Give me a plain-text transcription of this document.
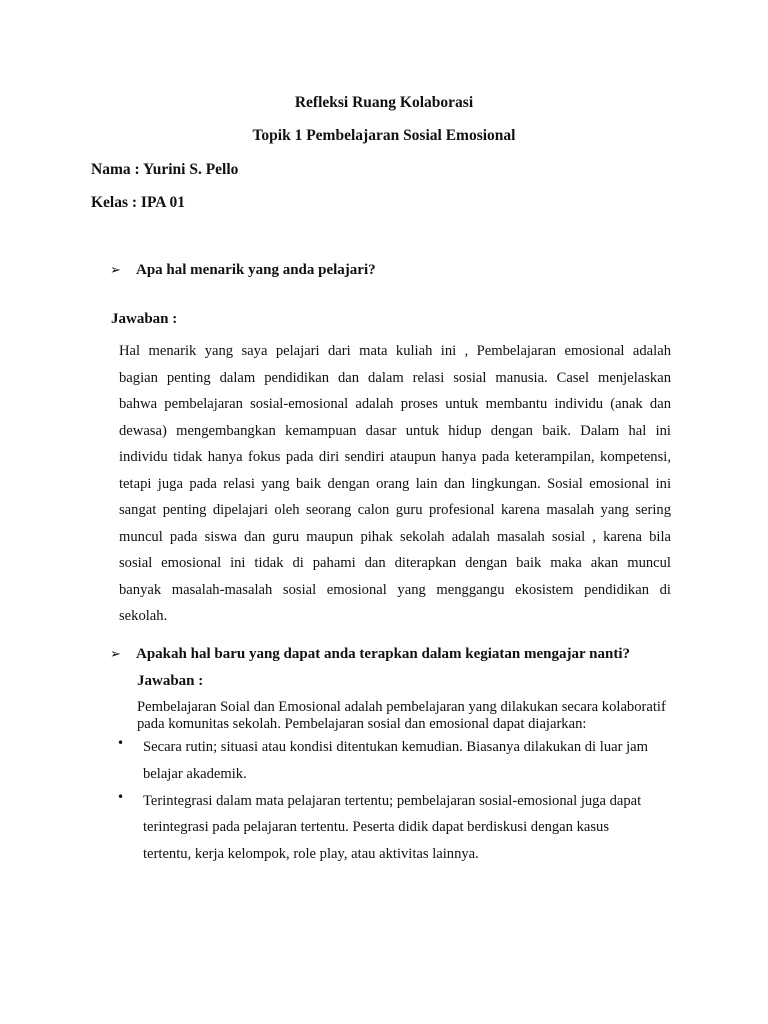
Refleksi Ruang Kolaborasi

Topik 1 Pembelajaran Sosial Emosional

Nama : Yurini S. Pello

Kelas : IPA 01

➢ Apa hal menarik yang anda pelajari?

Jawaban :

Hal menarik yang saya pelajari dari mata kuliah ini , Pembelajaran emosional adalah
bagian penting dalam pendidikan dan dalam relasi sosial manusia. Casel menjelaskan
bahwa pembelajaran sosial-emosional adalah proses untuk membantu individu (anak dan
dewasa) mengembangkan kemampuan dasar untuk hidup dengan baik. Dalam hal ini
individu tidak hanya fokus pada diri sendiri ataupun hanya pada keterampilan, kompetensi,
tetapi juga pada relasi yang baik dengan orang lain dan lingkungan. Sosial emosional ini
sangat penting dipelajari oleh seorang calon guru profesional karena masalah yang sering
muncul pada siswa dan guru maupun pihak sekolah adalah masalah sosial , karena bila
sosial emosional ini tidak di pahami dan diterapkan dengan baik maka akan muncul
banyak masalah-masalah sosial emosional yang menggangu ekosistem pendidikan di
sekolah.

➢ Apakah hal baru yang dapat anda terapkan dalam kegiatan mengajar nanti?

Jawaban :

Pembelajaran Soial dan Emosional adalah pembelajaran yang dilakukan secara kolaboratif

pada komunitas sekolah. Pembelajaran sosial dan emosional dapat diajarkan:

• Secara rutin; situasi atau kondisi ditentukan kemudian. Biasanya dilakukan di luar jam
belajar akademik.
• Terintegrasi dalam mata pelajaran tertentu; pembelajaran sosial-emosional juga dapat
terintegrasi pada pelajaran tertentu. Peserta didik dapat berdiskusi dengan kasus
tertentu, kerja kelompok, role play, atau aktivitas lainnya.
